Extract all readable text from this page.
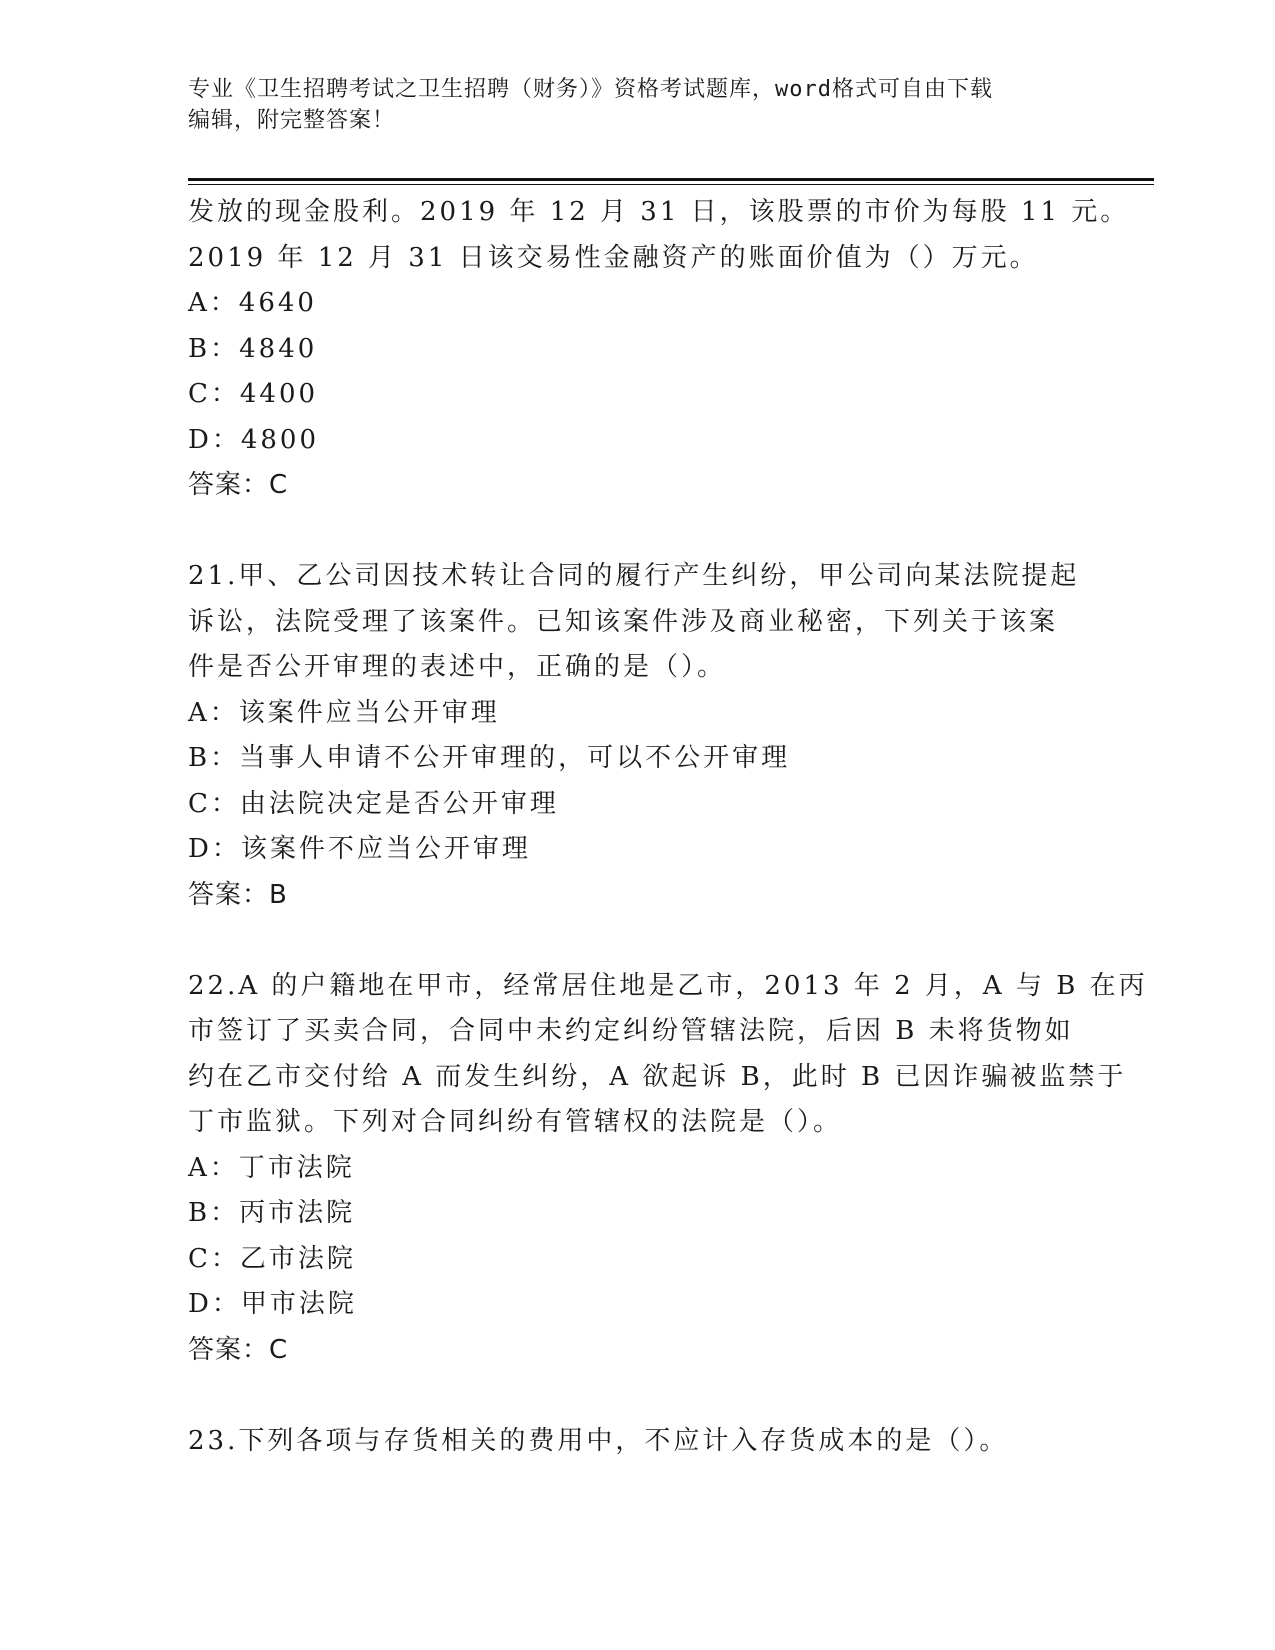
专业《卫生招聘考试之卫生招聘（财务）》资格考试题库，word格式可自由下载
编辑，附完整答案！
发放的现金股利。2019 年 12 月 31 日，该股票的市价为每股 11 元。
2019 年 12 月 31 日该交易性金融资产的账面价值为（）万元。
A：4640
B：4840
C：4400
D：4800
答案：C
21.甲、乙公司因技术转让合同的履行产生纠纷，甲公司向某法院提起
诉讼，法院受理了该案件。已知该案件涉及商业秘密，下列关于该案
件是否公开审理的表述中，正确的是（）。
A：该案件应当公开审理
B：当事人申请不公开审理的，可以不公开审理
C：由法院决定是否公开审理
D：该案件不应当公开审理
答案：B
22.A 的户籍地在甲市，经常居住地是乙市，2013 年 2 月，A 与 B 在丙
市签订了买卖合同，合同中未约定纠纷管辖法院，后因 B 未将货物如
约在乙市交付给 A 而发生纠纷，A 欲起诉 B，此时 B 已因诈骗被监禁于
丁市监狱。下列对合同纠纷有管辖权的法院是（）。
A：丁市法院
B：丙市法院
C：乙市法院
D：甲市法院
答案：C
23.下列各项与存货相关的费用中，不应计入存货成本的是（）。
